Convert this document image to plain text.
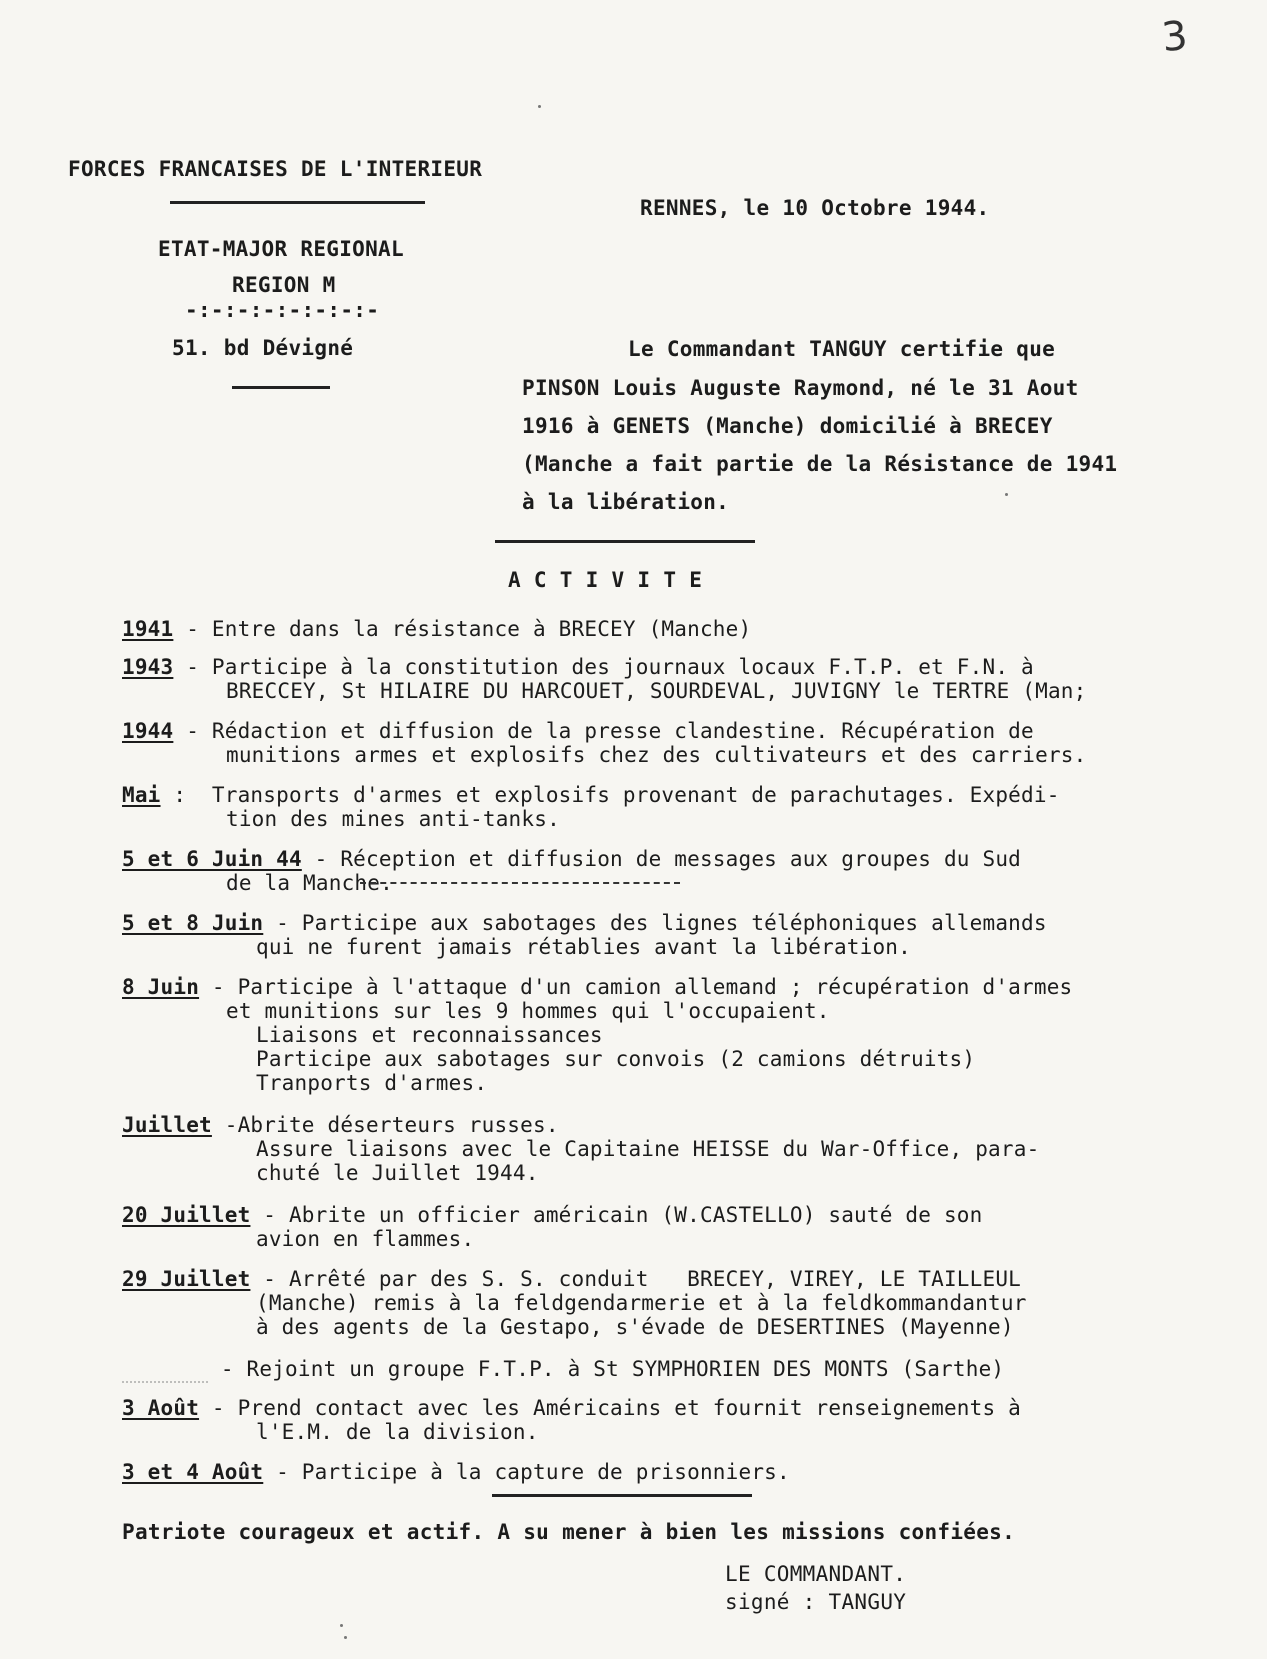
3
FORCES FRANCAISES DE L'INTERIEUR
RENNES, le 10 Octobre 1944.
ETAT-MAJOR REGIONAL
REGION M
-:-:-:-:-:-:-:-
51. bd Dévigné	Le Commandant TANGUY certifie que
PINSON Louis Auguste Raymond, né le 31 Aout
1916 à GENETS (Manche) domicilié à BRECEY
(Manche a fait partie de la Résistance de 1941
à la libération.
A C T I V I T E
1941 - Entre dans la résistance à BRECEY (Manche)
1943 - Participe à la constitution des journaux locaux F.T.P. et F.N. à
BRECCEY, St HILAIRE DU HARCOUET, SOURDEVAL, JUVIGNY le TERTRE (Man;
1944 - Rédaction et diffusion de la presse clandestine. Récupération de
munitions armes et explosifs chez des cultivateurs et des carriers.
Mai :  Transports d'armes et explosifs provenant de parachutages. Expédi-
tion des mines anti-tanks.
5 et 6 Juin 44 - Réception et diffusion de messages aux groupes du Sud
de la Manche.
5 et 8 Juin - Participe aux sabotages des lignes téléphoniques allemands
qui ne furent jamais rétablies avant la libération.
8 Juin - Participe à l'attaque d'un camion allemand ; récupération d'armes
et munitions sur les 9 hommes qui l'occupaient.
Liaisons et reconnaissances
Participe aux sabotages sur convois (2 camions détruits)
Tranports d'armes.
Juillet -Abrite déserteurs russes.
Assure liaisons avec le Capitaine HEISSE du War-Office, para-
chuté le Juillet 1944.
20 Juillet - Abrite un officier américain (W.CASTELLO) sauté de son
avion en flammes.
29 Juillet - Arrêté par des S. S. conduit   BRECEY, VIREY, LE TAILLEUL
(Manche) remis à la feldgendarmerie et à la feldkommandantur
à des agents de la Gestapo, s'évade de DESERTINES (Mayenne)
- Rejoint un groupe F.T.P. à St SYMPHORIEN DES MONTS (Sarthe)
3 Août - Prend contact avec les Américains et fournit renseignements à
l'E.M. de la division.
3 et 4 Août - Participe à la capture de prisonniers.
Patriote courageux et actif. A su mener à bien les missions confiées.
LE COMMANDANT.
signé : TANGUY
